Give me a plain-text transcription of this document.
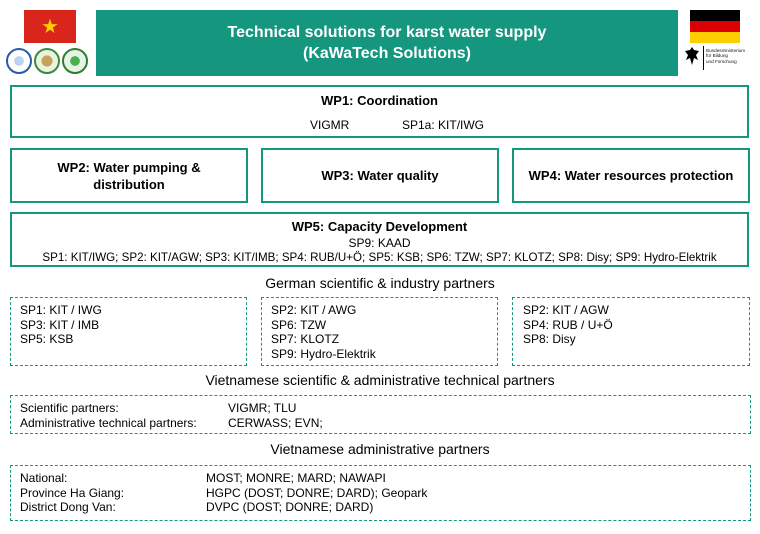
Technical solutions for karst water supply
(KaWaTech Solutions)	Bundesministerium
für Bildung
und Forschung
WP1: Coordination
VIGMR	SP1a: KIT/IWG
WP2: Water pumping &
distribution
WP3: Water quality	WP4: Water resources protection
WP5: Capacity Development
SP9: KAAD
SP1: KIT/IWG; SP2: KIT/AGW; SP3: KIT/IMB; SP4: RUB/U+Ö; SP5: KSB; SP6: TZW; SP7: KLOTZ; SP8: Disy; SP9: Hydro-Elektrik
German scientific & industry partners
SP1: KIT / IWG
SP3: KIT / IMB
SP5: KSB
SP2: KIT / AWG
SP6: TZW
SP7: KLOTZ
SP9: Hydro-Elektrik
SP2: KIT / AGW
SP4: RUB / U+Ö
SP8: Disy
Vietnamese scientific & administrative technical partners
Scientific partners:	VIGMR; TLU
Administrative technical partners:	CERWASS; EVN;
Vietnamese administrative partners
National:	MOST; MONRE; MARD; NAWAPI
Province Ha Giang:	HGPC (DOST; DONRE; DARD); Geopark
District Dong Van:	DVPC (DOST; DONRE; DARD)
